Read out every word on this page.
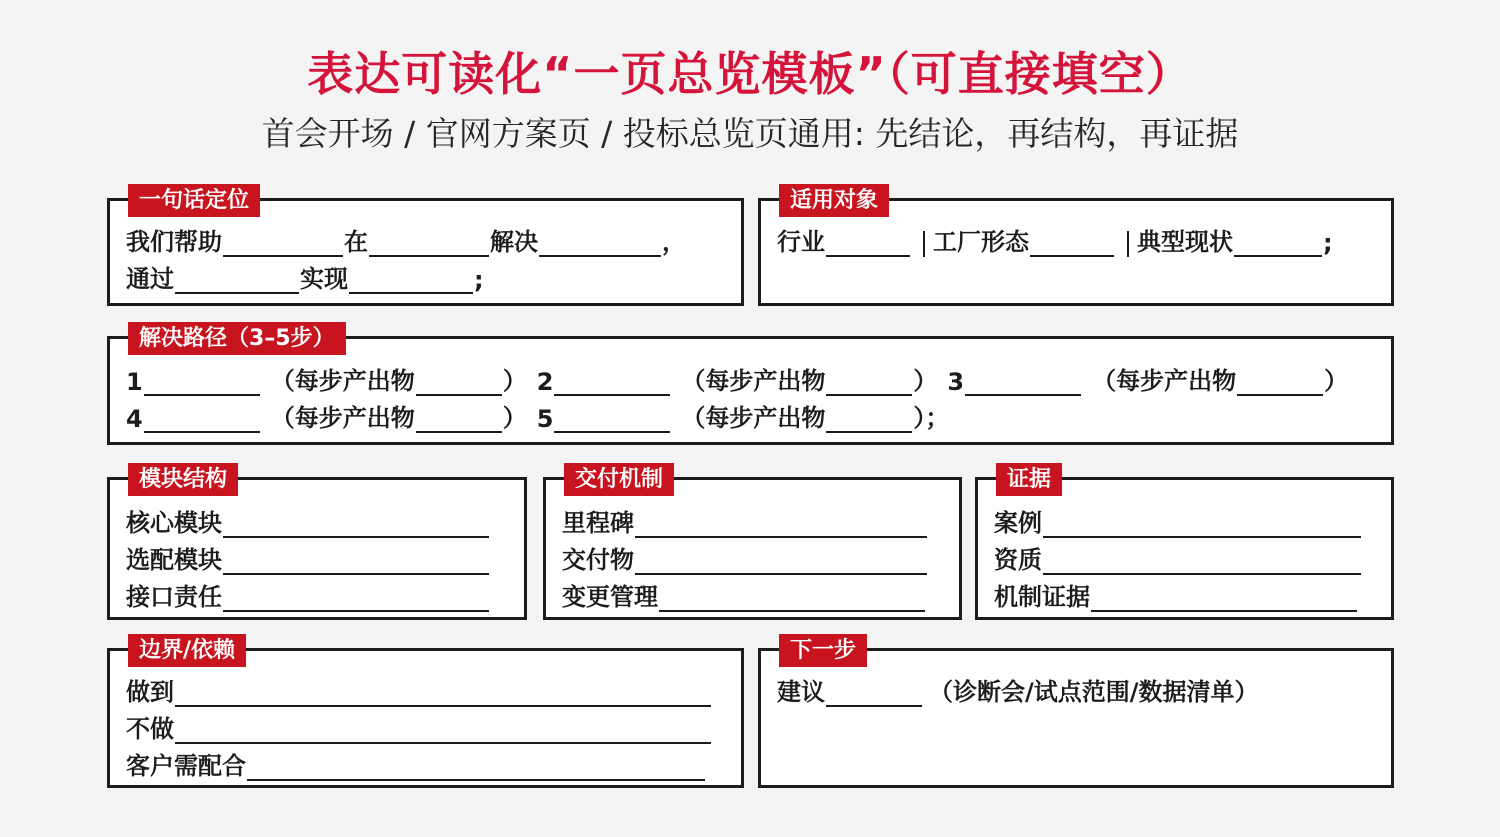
表达可读化“一页总览模板”（可直接填空）
首会开场 / 官网方案页 / 投标总览页通用: 先结论，再结构，再证据
一句话定位
我们帮助	在	解决	，
通过	实现	;
适用对象
行业	工厂形态	典型现状	;
解决路径（3–5步）
1	（每步产出物	） 2	（每步产出物	） 3	（每步产出物	）
4	（每步产出物	） 5	（每步产出物	）；
模块结构
核心模块
选配模块
接口责任
交付机制
里程碑
交付物
变更管理
证据
案例
资质
机制证据
边界/依赖
做到
不做
客户需配合
下一步
建议	（诊断会/试点范围/数据清单）
